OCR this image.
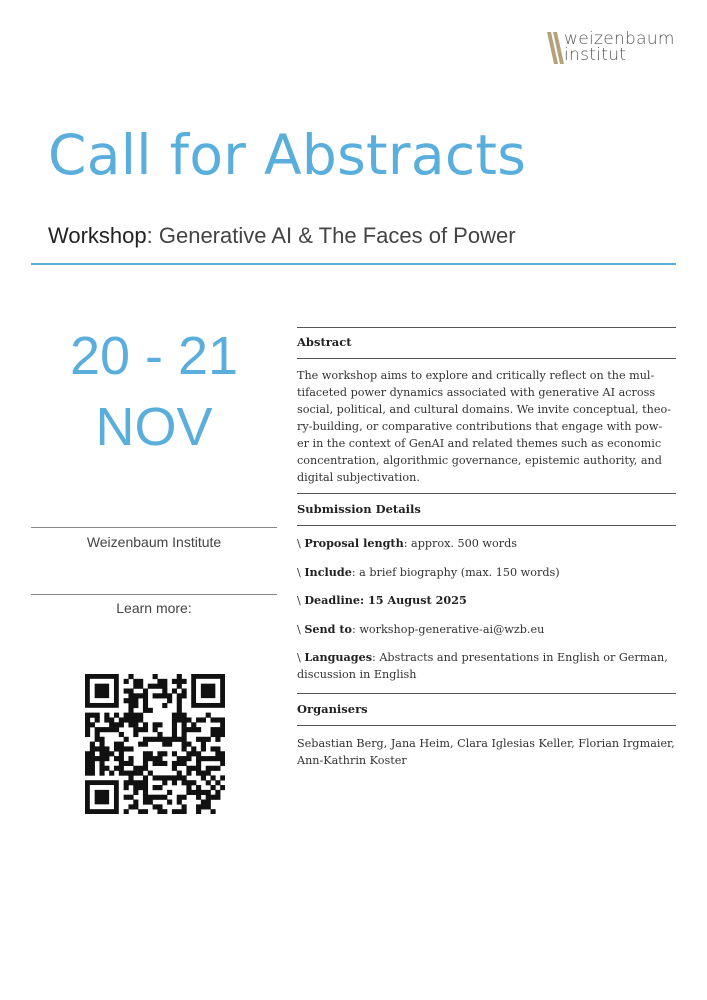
weizenbaum
institut
Call for Abstracts
Workshop: Generative AI & The Faces of Power
20 - 21
NOV
Weizenbaum Institute
Learn more:
Abstract
The workshop aims to explore and critically reflect on the mul-
tifaceted power dynamics associated with generative AI across
social, political, and cultural domains. We invite conceptual, theo-
ry-building, or comparative contributions that engage with pow-
er in the context of GenAI and related themes such as economic
concentration, algorithmic governance, epistemic authority, and
digital subjectivation.
Submission Details
\ Proposal length: approx. 500 words
\ Include: a brief biography (max. 150 words)
\ Deadline: 15 August 2025
\ Send to: workshop-generative-ai@wzb.eu
\ Languages: Abstracts and presentations in English or German,
discussion in English
Organisers
Sebastian Berg, Jana Heim, Clara Iglesias Keller, Florian Irgmaier,
Ann-Kathrin Koster
